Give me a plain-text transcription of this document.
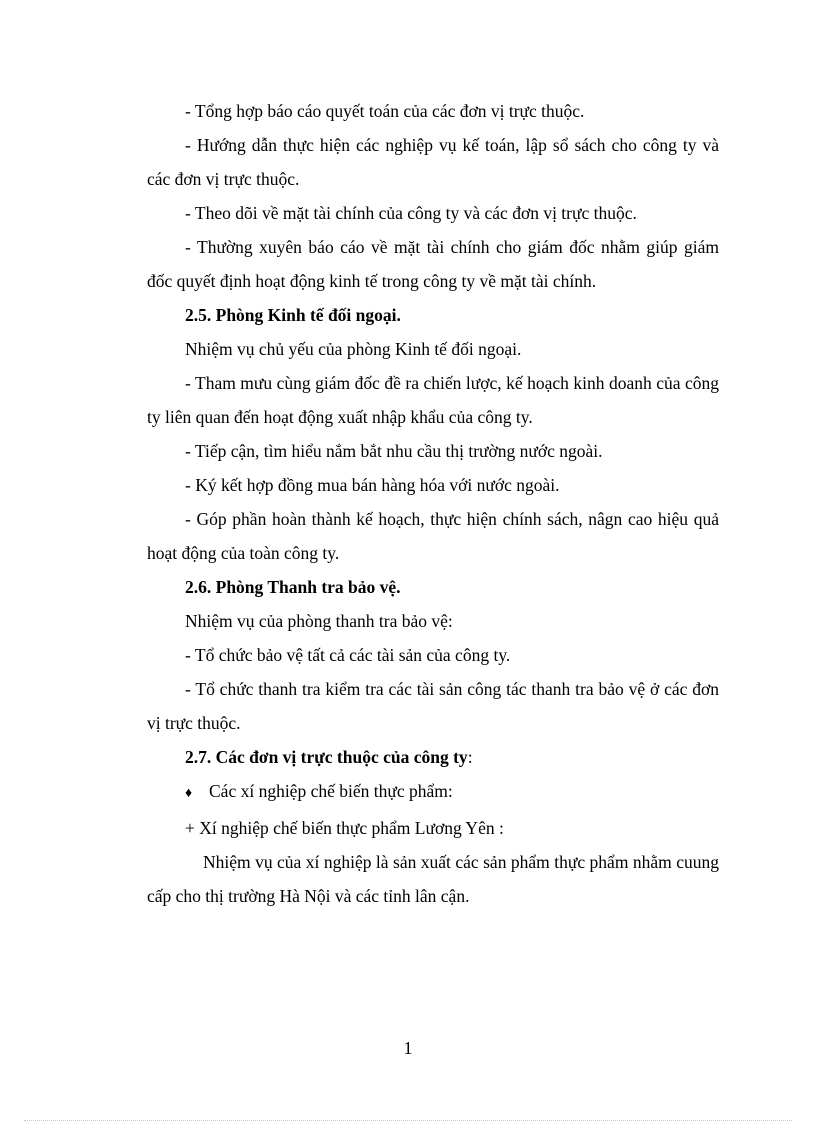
- Tổng hợp báo cáo quyết toán của các đơn vị trực thuộc.

- Hướng dẫn thực hiện các nghiệp vụ kế toán, lập sổ sách cho công ty và các đơn vị trực thuộc.

- Theo dõi về mặt tài chính của công ty và các đơn vị trực thuộc.

- Thường xuyên báo cáo về mặt tài chính cho giám đốc nhằm giúp giám đốc quyết định hoạt động kinh tế trong công ty về mặt tài chính.

2.5. Phòng Kinh tế đối ngoại.

Nhiệm vụ chủ yếu của phòng Kinh tế đối ngoại.

- Tham mưu cùng giám đốc đề ra chiến lược, kế hoạch kinh doanh của công ty liên quan đến hoạt động xuất nhập khẩu của công ty.

- Tiếp cận, tìm hiểu nắm bắt nhu cầu thị trường nước ngoài.

- Ký kết hợp đồng mua bán hàng hóa với nước ngoài.

- Góp phần hoàn thành kế hoạch, thực hiện chính sách, nâgn cao hiệu quả hoạt động của toàn công ty.

2.6. Phòng Thanh tra bảo vệ.

Nhiệm vụ của phòng thanh tra bảo vệ:

- Tổ chức bảo vệ tất cả các tài sản của công ty.

- Tổ chức thanh tra kiểm tra các tài sản công tác thanh tra bảo vệ ở các đơn vị trực thuộc.

2.7. Các đơn vị trực thuộc của công ty:

♦ Các xí nghiệp chế biến thực phẩm:

+ Xí nghiệp chế biến thực phẩm Lương Yên :

Nhiệm vụ của xí nghiệp là sản xuất các sản phẩm thực phẩm nhằm cuung cấp cho thị trường Hà Nội và các tỉnh lân cận.

1
